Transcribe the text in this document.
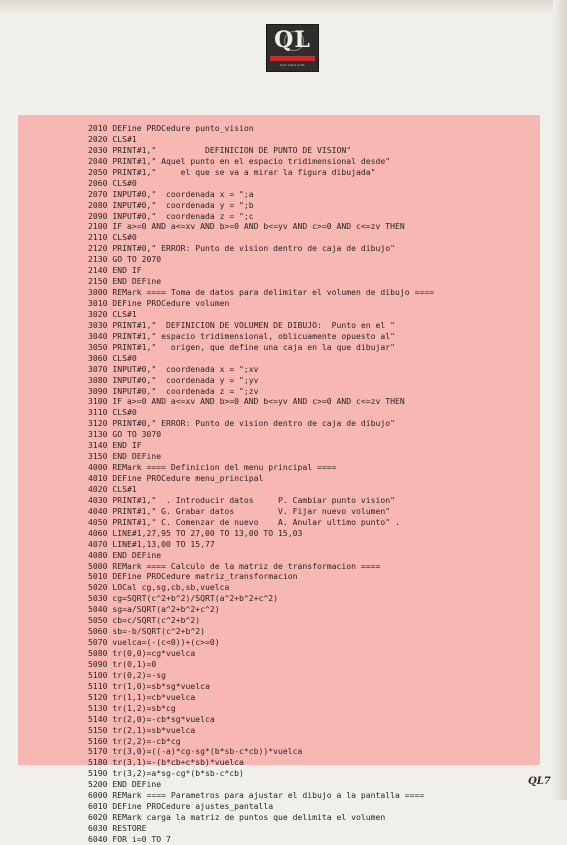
QL
todo sobre el QL
2010 DEFine PROCedure punto_vision
2020 CLS#1
2030 PRINT#1,"          DEFINICION DE PUNTO DE VISION"
2040 PRINT#1," Aquel punto en el espacio tridimensional desde"
2050 PRINT#1,"     el que se va a mirar la figura dibujada"
2060 CLS#0
2070 INPUT#0,"  coordenada x = ";a
2080 INPUT#0,"  coordenada y = ";b
2090 INPUT#0,"  coordenada z = ";c
2100 IF a>=0 AND a<=xv AND b>=0 AND b<=yv AND c>=0 AND c<=zv THEN
2110 CLS#0
2120 PRINT#0," ERROR: Punto de vision dentro de caja de dibujo"
2130 GO TO 2070
2140 END IF
2150 END DEFine
3000 REMark ==== Toma de datos para delimitar el volumen de dibujo ====
3010 DEFine PROCedure volumen
3020 CLS#1
3030 PRINT#1,"  DEFINICION DE VOLUMEN DE DIBUJO:  Punto en el "
3040 PRINT#1," espacio tridimensional, oblicuamente opuesto al"
3050 PRINT#1,"   origen, que define una caja en la que dibujar"
3060 CLS#0
3070 INPUT#0,"  coordenada x = ";xv
3080 INPUT#0,"  coordenada y = ";yv
3090 INPUT#0,"  coordenada z = ";zv
3100 IF a>=0 AND a<=xv AND b>=0 AND b<=yv AND c>=0 AND c<=zv THEN
3110 CLS#0
3120 PRINT#0," ERROR: Punto de vision dentro de caja de dibujo"
3130 GO TO 3070
3140 END IF
3150 END DEFine
4000 REMark ==== Definicion del menu principal ====
4010 DEFine PROCedure menu_principal
4020 CLS#1
4030 PRINT#1,"  . Introducir datos     P. Cambiar punto vision"
4040 PRINT#1," G. Grabar datos         V. Fijar nuevo volumen"
4050 PRINT#1," C. Comenzar de nuevo    A. Anular ultimo punto" .
4060 LINE#1,27,95 TO 27,00 TO 13,00 TO 15,03
4070 LINE#1,13,00 TO 15,77
4080 END DEFine
5000 REMark ==== Calculo de la matriz de transformacion ====
5010 DEFine PROCedure matriz_transformacion
5020 LOCal cg,sg,cb,sb,vuelca
5030 cg=SQRT(c^2+b^2)/SQRT(a^2+b^2+c^2)
5040 sg=a/SQRT(a^2+b^2+c^2)
5050 cb=c/SQRT(c^2+b^2)
5060 sb=-b/SQRT(c^2+b^2)
5070 vuelca=(-(c<0))+(c>=0)
5080 tr(0,0)=cg*vuelca
5090 tr(0,1)=0
5100 tr(0,2)=-sg
5110 tr(1,0)=sb*sg*vuelca
5120 tr(1,1)=cb*vuelca
5130 tr(1,2)=sb*cg
5140 tr(2,0)=-cb*sg*vuelca
5150 tr(2,1)=sb*vuelca
5160 tr(2,2)=-cb*cg
5170 tr(3,0)=((-a)*cg-sg*(b*sb-c*cb))*vuelca
5180 tr(3,1)=-(b*cb+c*sb)*vuelca
5190 tr(3,2)=a*sg-cg*(b*sb-c*cb)
5200 END DEFine
6000 REMark ==== Parametros para ajustar el dibujo a la pantalla ====
6010 DEFine PROCedure ajustes_pantalla
6020 REMark carga la matriz de puntos que delimita el volumen
6030 RESTORE
6040 FOR i=0 TO 7
QL7
